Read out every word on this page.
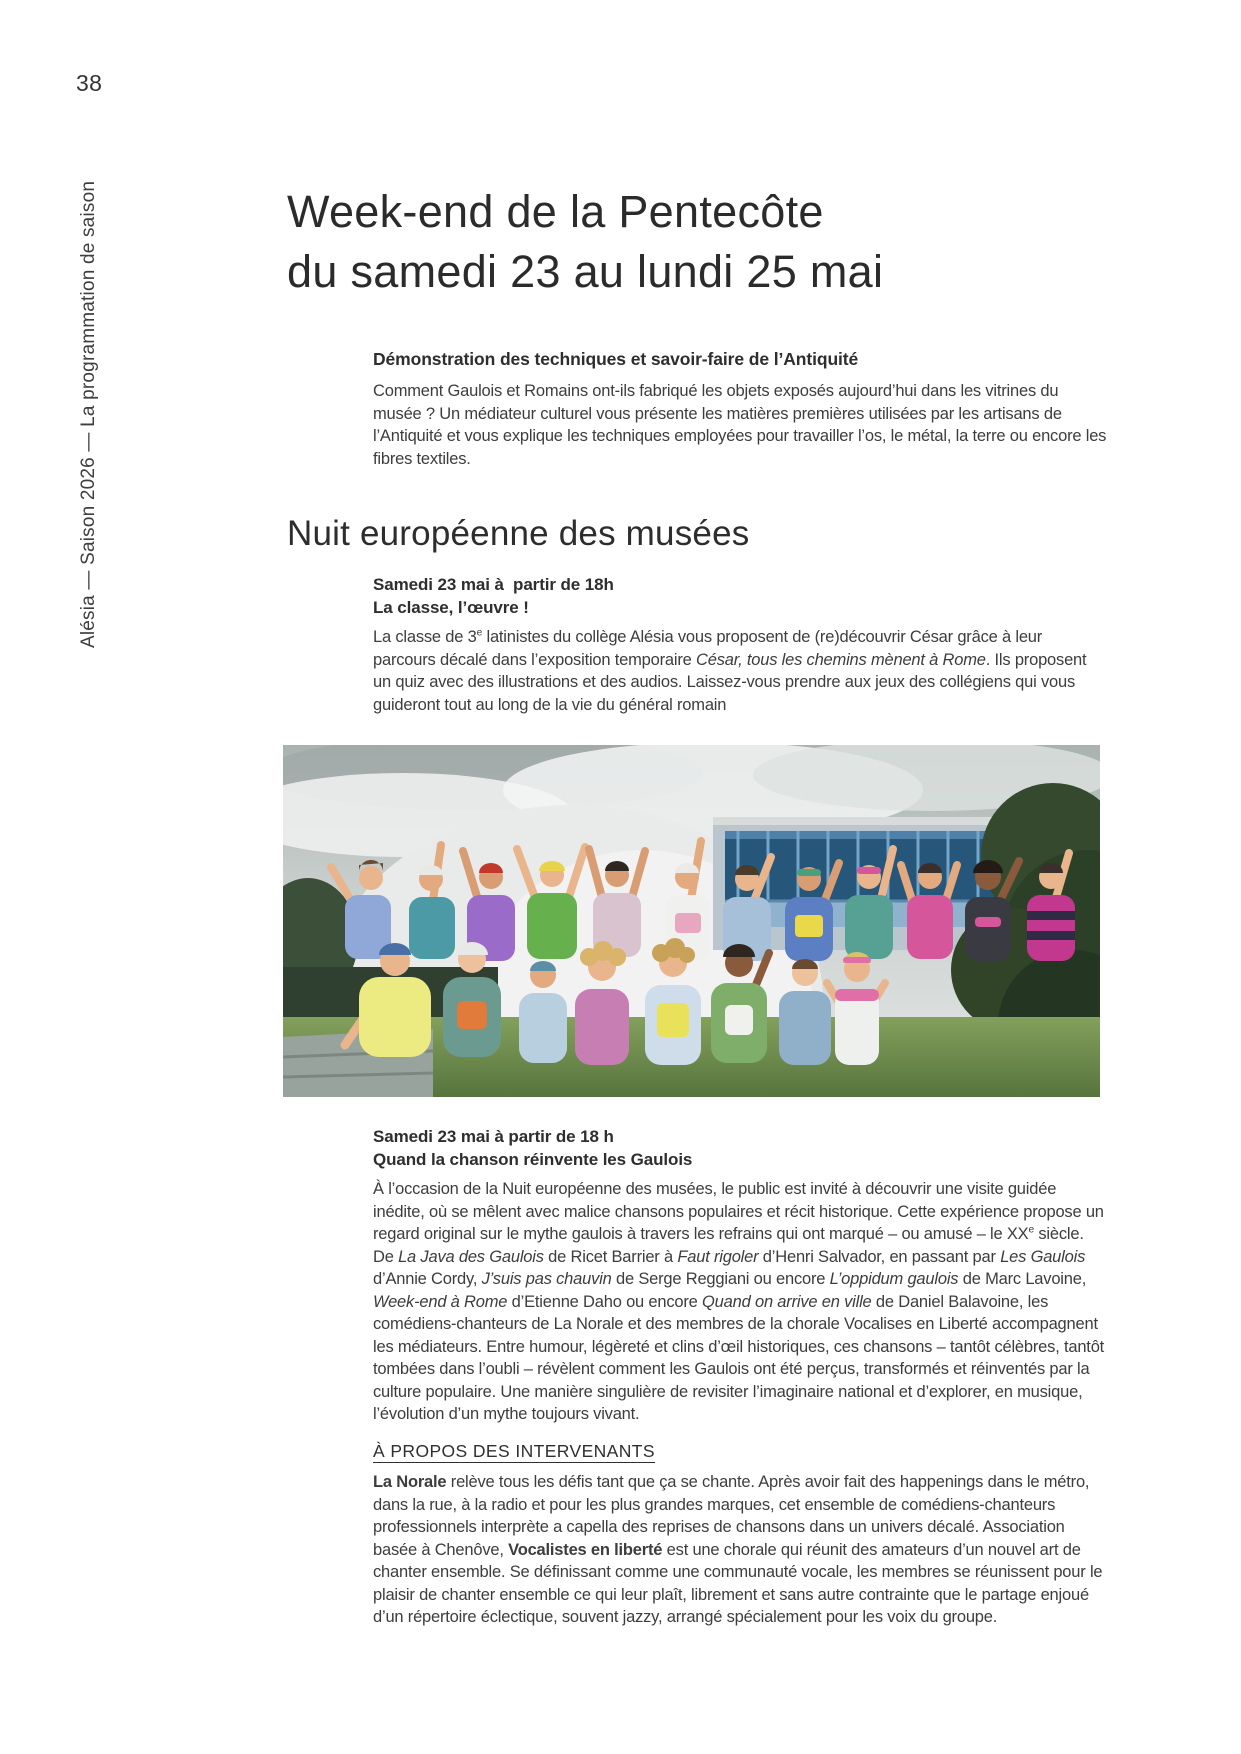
38
Alésia — Saison 2026 — La programmation de saison	Week-end de la Pentecôte
du samedi 23 au lundi 25 mai
Démonstration des techniques et savoir-faire de l’Antiquité

Comment Gaulois et Romains ont-ils fabriqué les objets exposés aujourd’hui dans les vitrines du musée ? Un médiateur culturel vous présente les matières premières utilisées par les artisans de l’Antiquité et vous explique les techniques employées pour travailler l’os, le métal, la terre ou encore les fibres textiles.

Nuit européenne des musées

Samedi 23 mai à  partir de 18h

La classe, l’œuvre !

La classe de 3e latinistes du collège Alésia vous proposent de (re)découvrir César grâce à leur parcours décalé dans l’exposition temporaire César, tous les chemins mènent à Rome. Ils proposent un quiz avec des illustrations et des audios. Laissez-vous prendre aux jeux des collégiens qui vous guideront tout au long de la vie du général romain

Samedi 23 mai à partir de 18 h

Quand la chanson réinvente les Gaulois

À l’occasion de la Nuit européenne des musées, le public est invité à découvrir une visite guidée inédite, où se mêlent avec malice chansons populaires et récit historique. Cette expérience propose un regard original sur le mythe gaulois à travers les refrains qui ont marqué – ou amusé – le XXe siècle. De La Java des Gaulois de Ricet Barrier à Faut rigoler d’Henri Salvador, en passant par Les Gaulois d’Annie Cordy, J’suis pas chauvin de Serge Reggiani ou encore L’oppidum gaulois de Marc Lavoine, Week-end à Rome d’Etienne Daho ou encore Quand on arrive en ville de Daniel Balavoine, les comédiens-chanteurs de La Norale et des membres de la chorale Vocalises en Liberté accompagnent les médiateurs. Entre humour, légèreté et clins d’œil historiques, ces chansons – tantôt célèbres, tantôt tombées dans l’oubli – révèlent comment les Gaulois ont été perçus, transformés et réinventés par la culture populaire. Une manière singulière de revisiter l’imaginaire national et d’explorer, en musique, l’évolution d’un mythe toujours vivant.

À PROPOS DES INTERVENANTS

La Norale relève tous les défis tant que ça se chante. Après avoir fait des happenings dans le métro, dans la rue, à la radio et pour les plus grandes marques, cet ensemble de comédiens-chanteurs professionnels interprète a capella des reprises de chansons dans un univers décalé. Association basée à Chenôve, Vocalistes en liberté est une chorale qui réunit des amateurs d’un nouvel art de chanter ensemble. Se définissant comme une communauté vocale, les membres se réunissent pour le plaisir de chanter ensemble ce qui leur plaît, librement et sans autre contrainte que le partage enjoué d’un répertoire éclectique, souvent jazzy, arrangé spécialement pour les voix du groupe.
